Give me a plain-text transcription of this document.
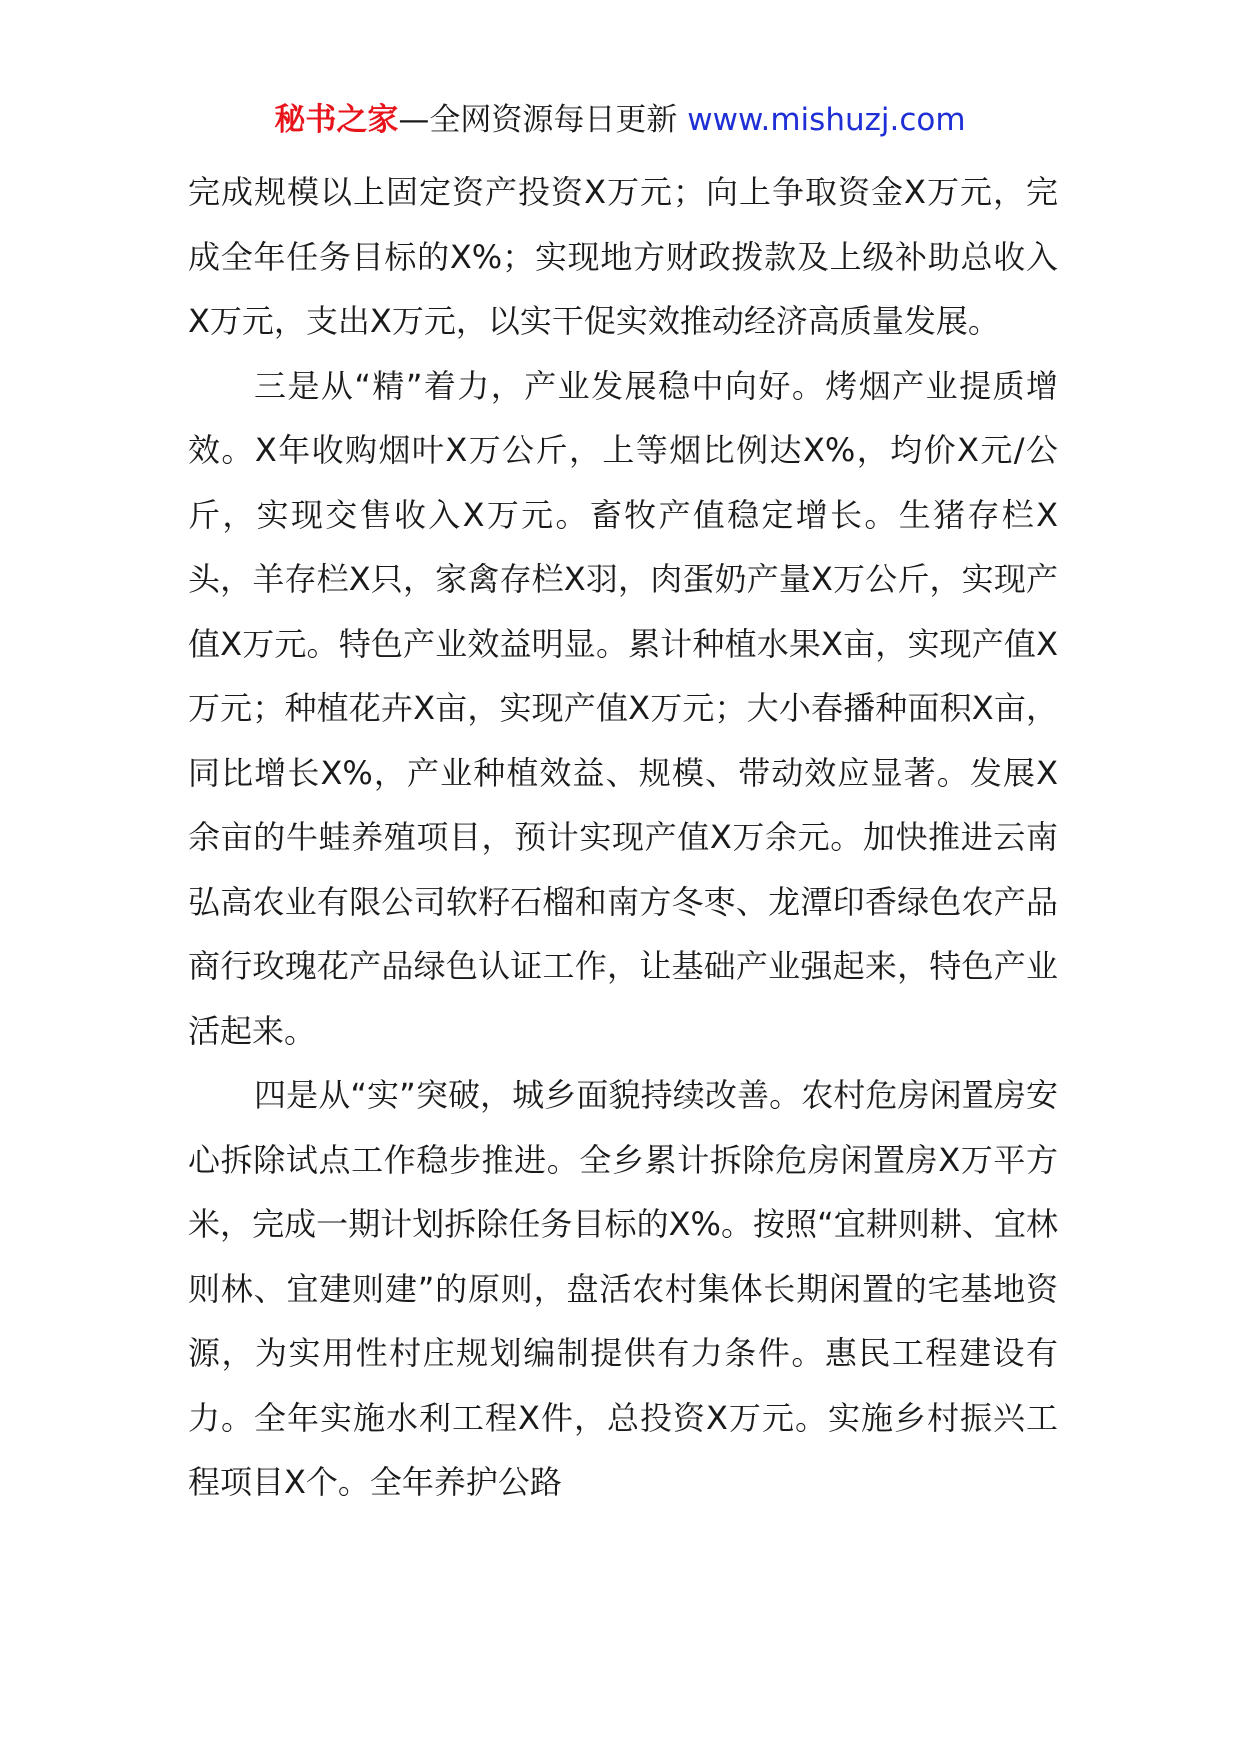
秘书之家—全网资源每日更新 www.mishuzj.com

完成规模以上固定资产投资X万元；向上争取资金X万元，完成全年任务目标的X%；实现地方财政拨款及上级补助总收入X万元，支出X万元，以实干促实效推动经济高质量发展。

三是从“精”着力，产业发展稳中向好。烤烟产业提质增效。X年收购烟叶X万公斤，上等烟比例达X%，均价X元/公斤，实现交售收入X万元。畜牧产值稳定增长。生猪存栏X头，羊存栏X只，家禽存栏X羽，肉蛋奶产量X万公斤，实现产值X万元。特色产业效益明显。累计种植水果X亩，实现产值X万元；种植花卉X亩，实现产值X万元；大小春播种面积X亩，同比增长X%，产业种植效益、规模、带动效应显著。发展X余亩的牛蛙养殖项目，预计实现产值X万余元。加快推进云南弘高农业有限公司软籽石榴和南方冬枣、龙潭印香绿色农产品商行玫瑰花产品绿色认证工作，让基础产业强起来，特色产业活起来。

四是从“实”突破，城乡面貌持续改善。农村危房闲置房安心拆除试点工作稳步推进。全乡累计拆除危房闲置房X万平方米，完成一期计划拆除任务目标的X%。按照“宜耕则耕、宜林则林、宜建则建”的原则，盘活农村集体长期闲置的宅基地资源，为实用性村庄规划编制提供有力条件。惠民工程建设有力。全年实施水利工程X件，总投资X万元。实施乡村振兴工程项目X个。全年养护公路
